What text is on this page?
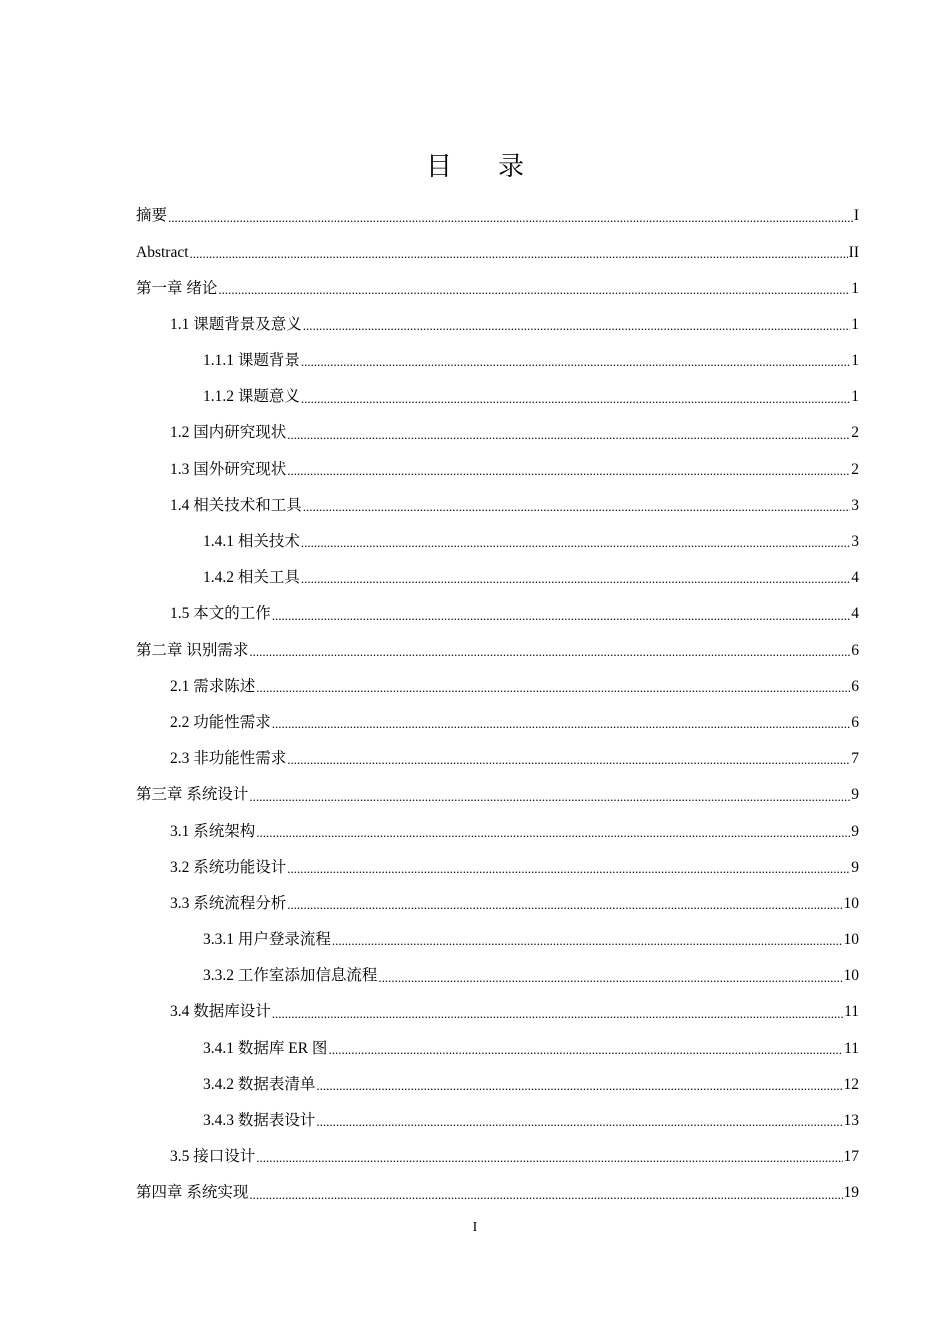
目 录
摘要 .....	I
Abstract .....	II
第一章 绪论 .....	1
1.1 课题背景及意义 .....	1
1.1.1 课题背景 .....	1
1.1.2 课题意义 .....	1
1.2 国内研究现状 .....	2
1.3 国外研究现状 .....	2
1.4 相关技术和工具 .....	3
1.4.1 相关技术 .....	3
1.4.2 相关工具 .....	4
1.5 本文的工作 .....	4
第二章 识别需求 .....	6
2.1 需求陈述 .....	6
2.2 功能性需求 .....	6
2.3 非功能性需求 .....	7
第三章 系统设计 .....	9
3.1 系统架构 .....	9
3.2 系统功能设计 .....	9
3.3 系统流程分析 .....	10
3.3.1 用户登录流程 .....	10
3.3.2 工作室添加信息流程 .....	10
3.4 数据库设计 .....	11
3.4.1 数据库 ER 图 .....	11
3.4.2 数据表清单 .....	12
3.4.3 数据表设计 .....	13
3.5 接口设计 .....	17
第四章 系统实现 .....	19
I
